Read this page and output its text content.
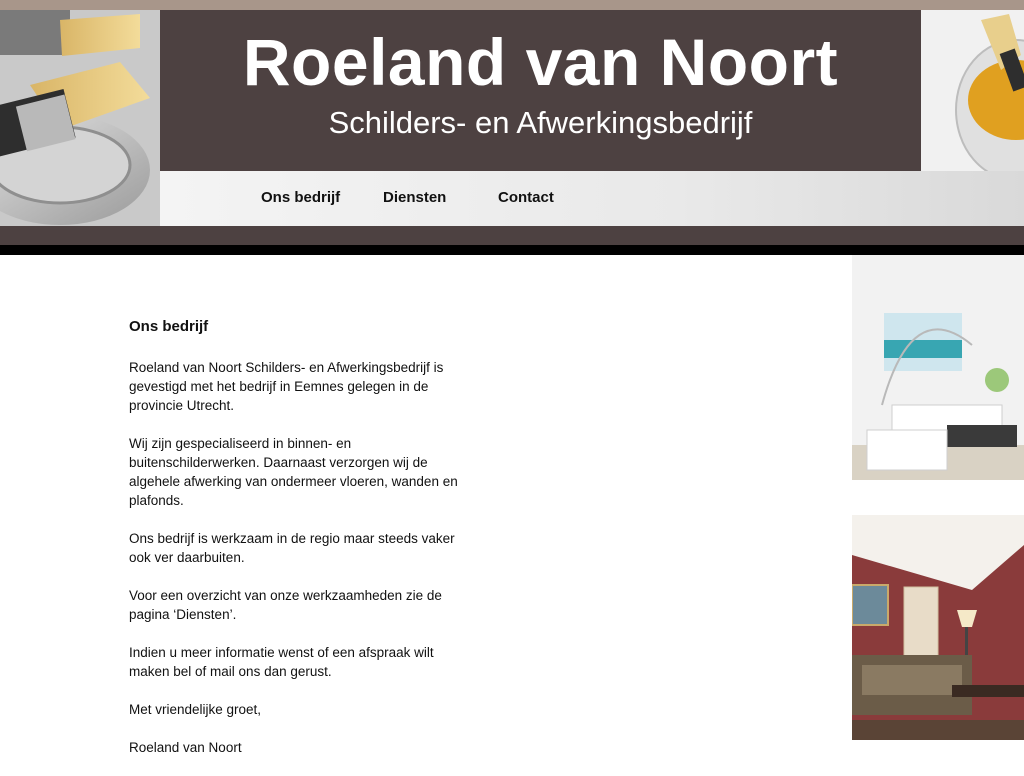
Roeland van Noort
Schilders- en Afwerkingsbedrijf
Ons bedrijf	Diensten	Contact
Ons bedrijf

Roeland van Noort Schilders- en Afwerkingsbedrijf is gevestigd met het bedrijf in Eemnes gelegen in de provincie Utrecht.

Wij zijn gespecialiseerd in binnen- en buitenschilderwerken. Daarnaast verzorgen wij de algehele afwerking van ondermeer vloeren, wanden en plafonds.

Ons bedrijf is werkzaam in de regio maar steeds vaker ook ver daarbuiten.

Voor een overzicht van onze werkzaamheden zie de pagina ‘Diensten’.

Indien u meer informatie wenst of een afspraak wilt maken bel of mail ons dan gerust.

Met vriendelijke groet,

Roeland van Noort
